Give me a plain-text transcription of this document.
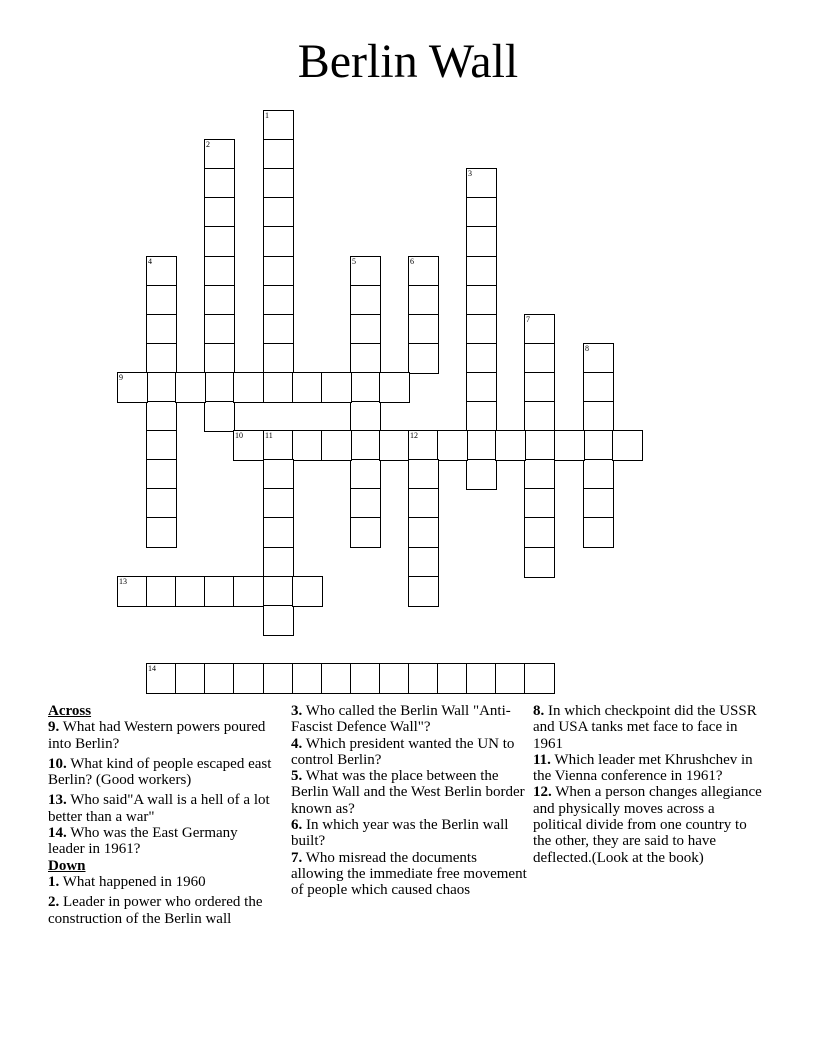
Berlin Wall
1
2
3
4	5	6
7
8
9
10	11	12
13
14
Across
9. What had Western powers poured into Berlin?
10. What kind of people escaped east Berlin? (Good workers)
13. Who said"A wall is a hell of a lot better than a war"
14. Who was the East Germany leader in 1961?
Down
1. What happened in 1960
2. Leader in power who ordered the construction of the Berlin wall
3. Who called the Berlin Wall "Anti-Fascist Defence Wall"?
4. Which president wanted the UN to control Berlin?
5. What was the place between the Berlin Wall and the West Berlin border known as?
6. In which year was the Berlin wall built?
7. Who misread the documents allowing the immediate free movement of people which caused chaos
8. In which checkpoint did the USSR and USA tanks met face to face in 1961
11. Which leader met Khrushchev in the Vienna conference in 1961?
12. When a person changes allegiance and physically moves across a political divide from one country to the other, they are said to have deflected.(Look at the book)
